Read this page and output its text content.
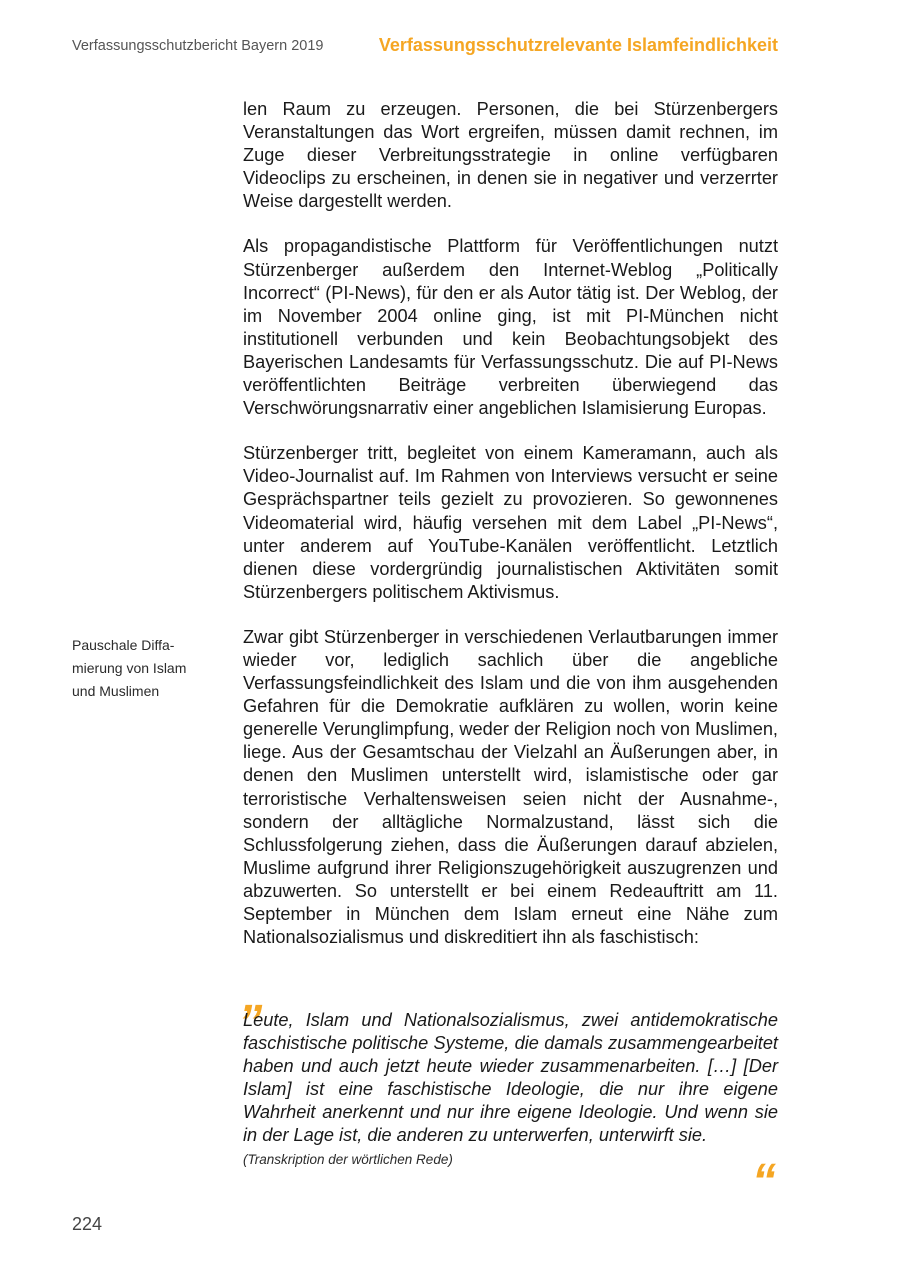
Verfassungsschutzbericht Bayern 2019	Verfassungsschutzrelevante Islamfeindlichkeit

len Raum zu erzeugen. Personen, die bei Stürzenbergers Veranstaltungen das Wort ergreifen, müssen damit rechnen, im Zuge dieser Verbreitungsstrategie in online verfügbaren Videoclips zu erscheinen, in denen sie in negativer und verzerrter Weise dargestellt werden.

Als propagandistische Plattform für Veröffentlichungen nutzt Stürzenberger außerdem den Internet-Weblog „Politically Incorrect“ (PI-News), für den er als Autor tätig ist. Der Weblog, der im November 2004 online ging, ist mit PI-München nicht institutionell verbunden und kein Beobachtungsobjekt des Bayerischen Landesamts für Verfassungsschutz. Die auf PI-News veröffentlichten Beiträge verbreiten überwiegend das Verschwörungsnarrativ einer angeblichen Islamisierung Europas.

Stürzenberger tritt, begleitet von einem Kameramann, auch als Video-Journalist auf. Im Rahmen von Interviews versucht er seine Gesprächspartner teils gezielt zu provozieren. So gewonnenes Videomaterial wird, häufig versehen mit dem Label „PI-News“, unter anderem auf YouTube-Kanälen veröffentlicht. Letztlich dienen diese vordergründig journalistischen Aktivitäten somit Stürzenbergers politischem Aktivismus.

Zwar gibt Stürzenberger in verschiedenen Verlautbarungen immer wieder vor, lediglich sachlich über die angebliche Verfassungsfeindlichkeit des Islam und die von ihm ausgehenden Gefahren für die Demokratie aufklären zu wollen, worin keine generelle Verunglimpfung, weder der Religion noch von Muslimen, liege. Aus der Gesamtschau der Vielzahl an Äußerungen aber, in denen den Muslimen unterstellt wird, islamistische oder gar terroristische Verhaltensweisen seien nicht der Ausnahme-, sondern der alltägliche Normalzustand, lässt sich die Schlussfolgerung ziehen, dass die Äußerungen darauf abzielen, Muslime aufgrund ihrer Religionszugehörigkeit auszugrenzen und abzuwerten. So unterstellt er bei einem Redeauftritt am 11. September in München dem Islam erneut eine Nähe zum Nationalsozialismus und diskreditiert ihn als faschistisch:

Pauschale Diffa-
mierung von Islam
und Muslimen
„

Leute, Islam und Nationalsozialismus, zwei antidemokratische faschistische politische Systeme, die damals zusammengearbeitet haben und auch jetzt heute wieder zusammenarbeiten. […] [Der Islam] ist eine faschistische Ideologie, die nur ihre eigene Wahrheit anerkennt und nur ihre eigene Ideologie. Und wenn sie in der Lage ist, die anderen zu unterwerfen, unterwirft sie.

(Transkription der wörtlichen Rede)	“
224
